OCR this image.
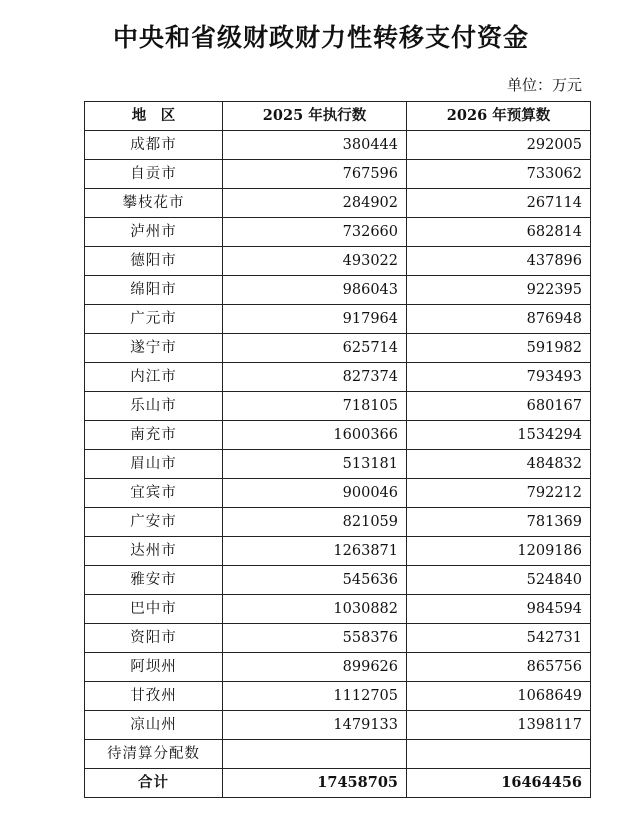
中央和省级财政财力性转移支付资金
单位：万元
地　区	2025 年执行数	2026 年预算数
成都市	380444	292005
自贡市	767596	733062
攀枝花市	284902	267114
泸州市	732660	682814
德阳市	493022	437896
绵阳市	986043	922395
广元市	917964	876948
遂宁市	625714	591982
内江市	827374	793493
乐山市	718105	680167
南充市	1600366	1534294
眉山市	513181	484832
宜宾市	900046	792212
广安市	821059	781369
达州市	1263871	1209186
雅安市	545636	524840
巴中市	1030882	984594
资阳市	558376	542731
阿坝州	899626	865756
甘孜州	1112705	1068649
凉山州	1479133	1398117
待清算分配数		
合计	17458705	16464456
